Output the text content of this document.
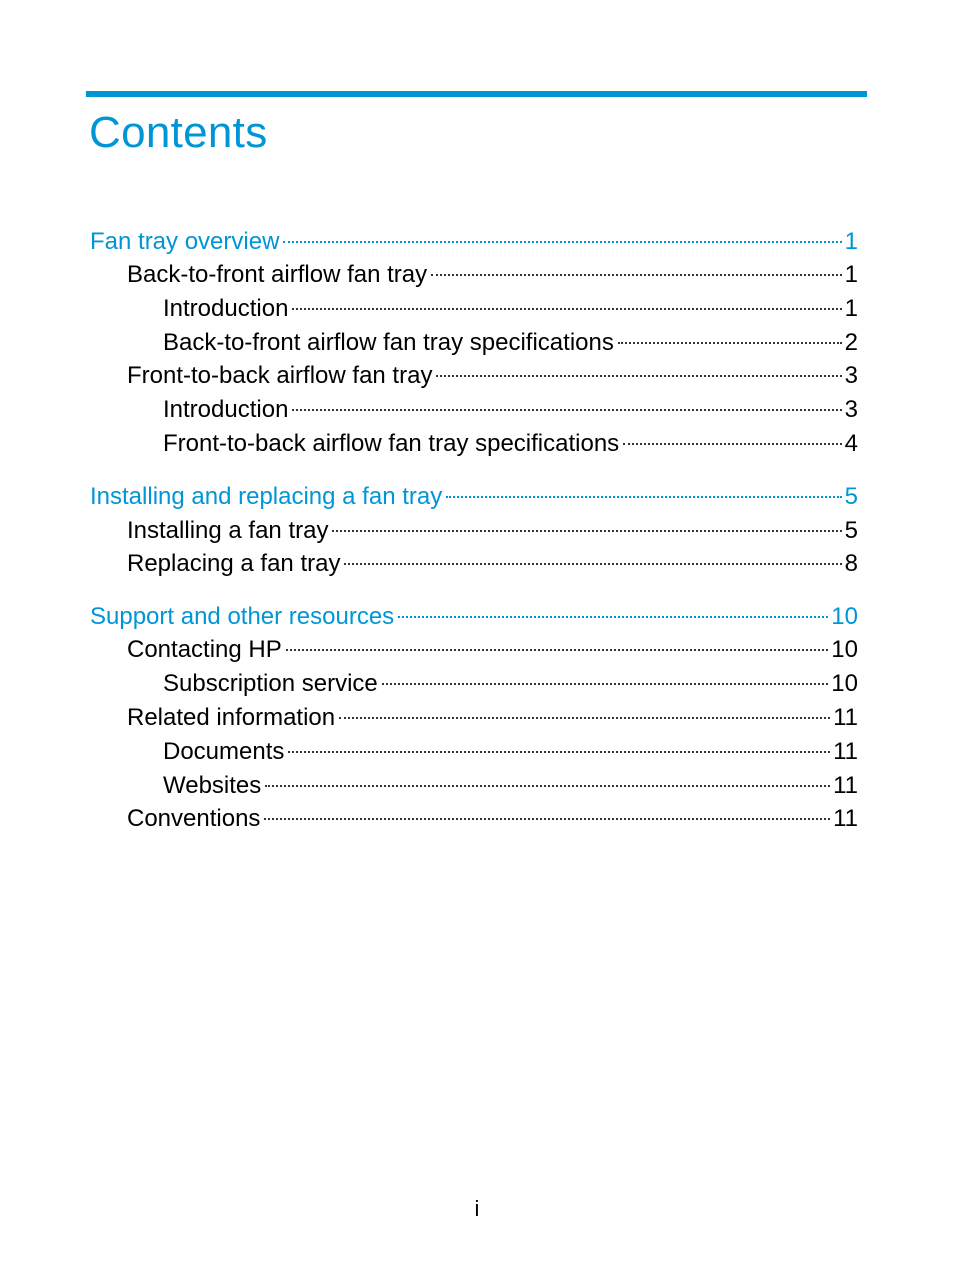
Contents
Fan tray overview	1
Back-to-front airflow fan tray	1
Introduction	1
Back-to-front airflow fan tray specifications	2
Front-to-back airflow fan tray	3
Introduction	3
Front-to-back airflow fan tray specifications	4
Installing and replacing a fan tray	5
Installing a fan tray	5
Replacing a fan tray	8
Support and other resources	10
Contacting HP	10
Subscription service	10
Related information	11
Documents	11
Websites	11
Conventions	11
i
